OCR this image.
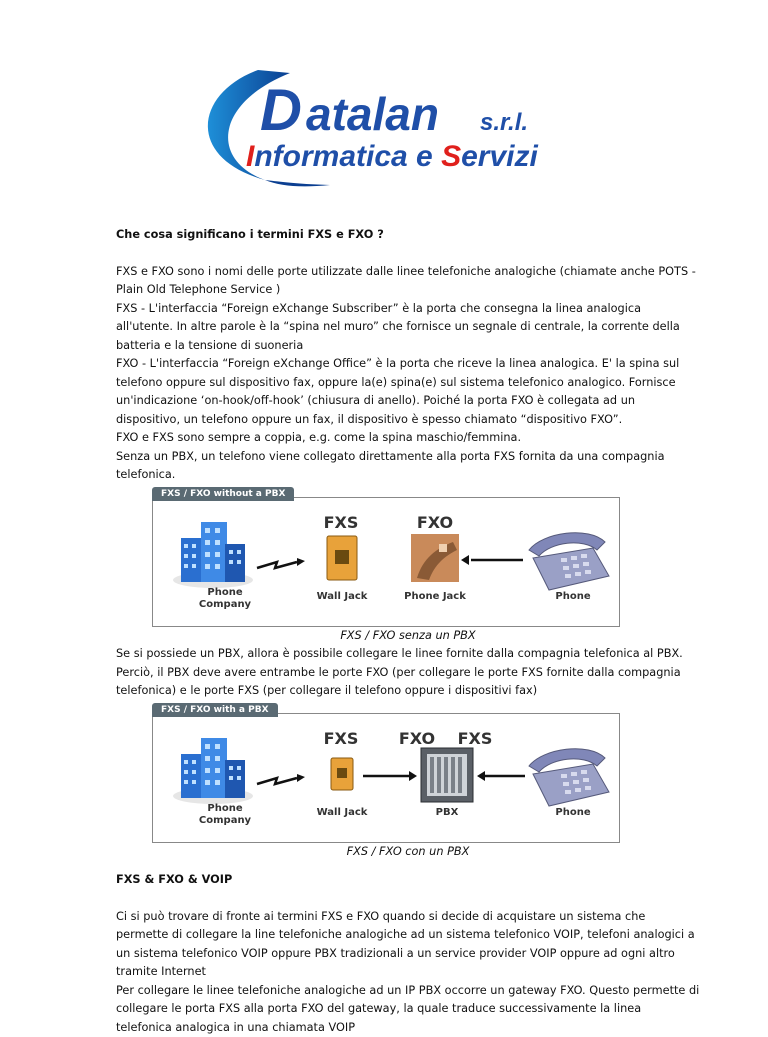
D atalan s.r.l.
Informatica e Servizi

Che cosa significano i termini FXS e FXO ?

FXS e FXO sono i nomi delle porte utilizzate dalle linee telefoniche analogiche (chiamate anche POTS - Plain Old Telephone Service )

FXS - L'interfaccia “Foreign eXchange Subscriber” è la porta che consegna la linea analogica all'utente. In altre parole è la “spina nel muro” che fornisce un segnale di centrale, la corrente della batteria e la tensione di suoneria

FXO - L'interfaccia “Foreign eXchange Office” è la porta che riceve la linea analogica. E' la spina sul telefono oppure sul dispositivo fax, oppure la(e) spina(e) sul sistema telefonico analogico. Fornisce un'indicazione ‘on-hook/off-hook’ (chiusura di anello). Poiché la porta FXO è collegata ad un dispositivo, un telefono oppure un fax, il dispositivo è spesso chiamato “dispositivo FXO”.

FXO e FXS sono sempre a coppia, e.g. come la spina maschio/femmina.

Senza un PBX, un telefono viene collegato direttamente alla porta FXS fornita da una compagnia telefonica.

FXS / FXO without a PBX
Phone
Company
FXS
Wall Jack
FXO
Phone Jack	Phone

FXS / FXO senza un PBX

Se si possiede un PBX, allora è possibile collegare le linee fornite dalla compagnia telefonica al PBX. Perciò, il PBX deve avere entrambe le porte FXO (per collegare le porte FXS fornite dalla compagnia telefonica) e le porte FXS (per collegare il telefono oppure i dispositivi fax)

FXS / FXO with a PBX
Phone
Company
FXS
Wall Jack
FXO FXS
PBX	Phone

FXS / FXO con un PBX

FXS & FXO & VOIP

Ci si può trovare di fronte ai termini FXS e FXO quando si decide di acquistare un sistema che permette di collegare la line telefoniche analogiche ad un sistema telefonico VOIP, telefoni analogici a un sistema telefonico VOIP oppure PBX tradizionali a un service provider VOIP oppure ad ogni altro tramite Internet

Per collegare le linee telefoniche analogiche ad un IP PBX occorre un gateway FXO. Questo permette di collegare le porta FXS alla porta FXO del gateway, la quale traduce successivamente la linea telefonica analogica in una chiamata VOIP
